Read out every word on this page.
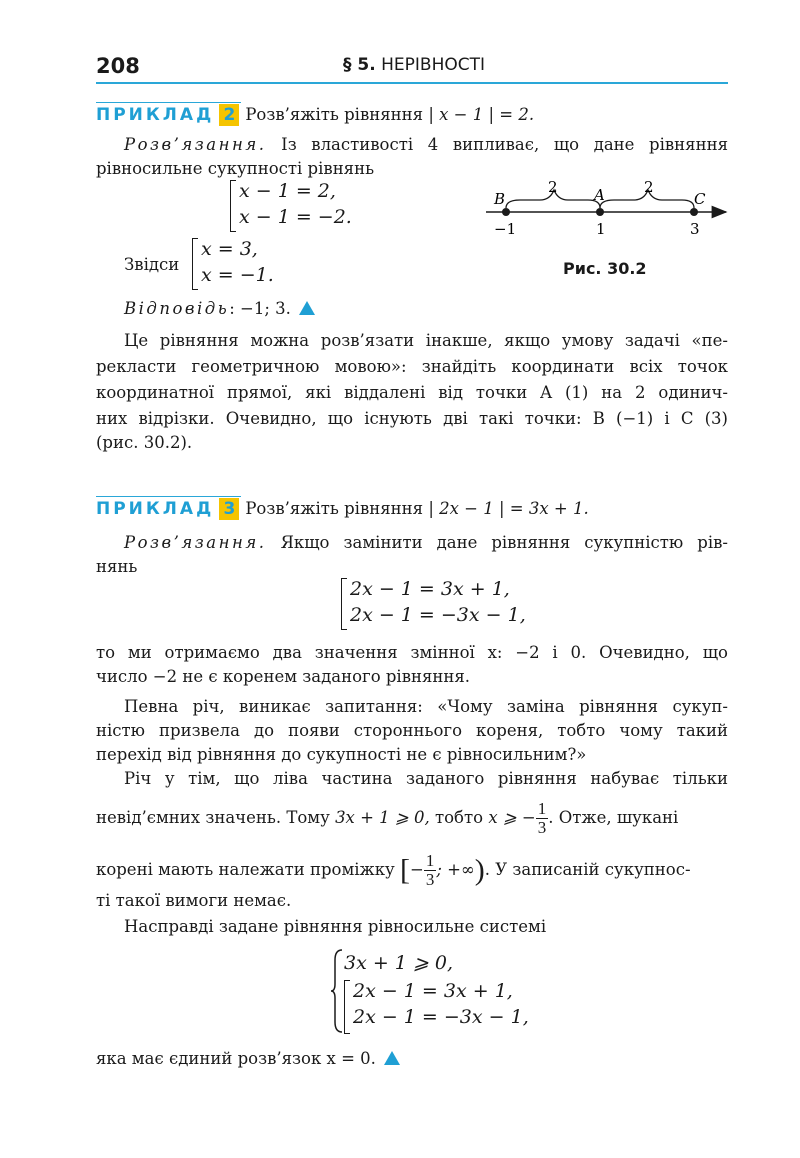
208	§ 5. НЕРІВНОСТІ
ПРИКЛАД 2 Розв’яжіть рівняння | x − 1 | = 2.
Розв’язання. Із властивості 4 випливає, що дане рівняння
рівносильне сукупності рівнянь
x − 1 = 2,
x − 1 = −2.
Звідси
x = 3,
x = −1.
Відповідь: −1; 3.
2	2
B	A	C
−1	1	3
Рис. 30.2
Це рівняння можна розв’язати інакше, якщо умову задачі «пе-
рекласти геометричною мовою»: знайдіть координати всіх точок
координатної прямої, які віддалені від точки A (1) на 2 одинич-
них відрізки. Очевидно, що існують дві такі точки: B (−1) і C (3)
(рис. 30.2).
ПРИКЛАД 3 Розв’яжіть рівняння | 2x − 1 | = 3x + 1.
Розв’язання. Якщо замінити дане рівняння сукупністю рів-
нянь
2x − 1 = 3x + 1,
2x − 1 = −3x − 1,
то ми отримаємо два значення змінної x: −2 і 0. Очевидно, що
число −2 не є коренем заданого рівняння.
Певна річ, виникає запитання: «Чому заміна рівняння сукуп-
ністю призвела до появи стороннього кореня, тобто чому такий
перехід від рівняння до сукупності не є рівносильним?»
Річ у тім, що ліва частина заданого рівняння набуває тільки
невід’ємних значень. Тому 3x + 1 ⩾ 0, тобто x ⩾ − $\frac{1}{3}$ . Отже, шукані
корені мають належати проміжку [− $\frac{1}{3}$ ; +∞). У записаній сукупнос-
ті такої вимоги немає.
Насправді задане рівняння рівносильне системі
3x + 1 ⩾ 0,
2x − 1 = 3x + 1,
2x − 1 = −3x − 1,
яка має єдиний розв’язок x = 0.
